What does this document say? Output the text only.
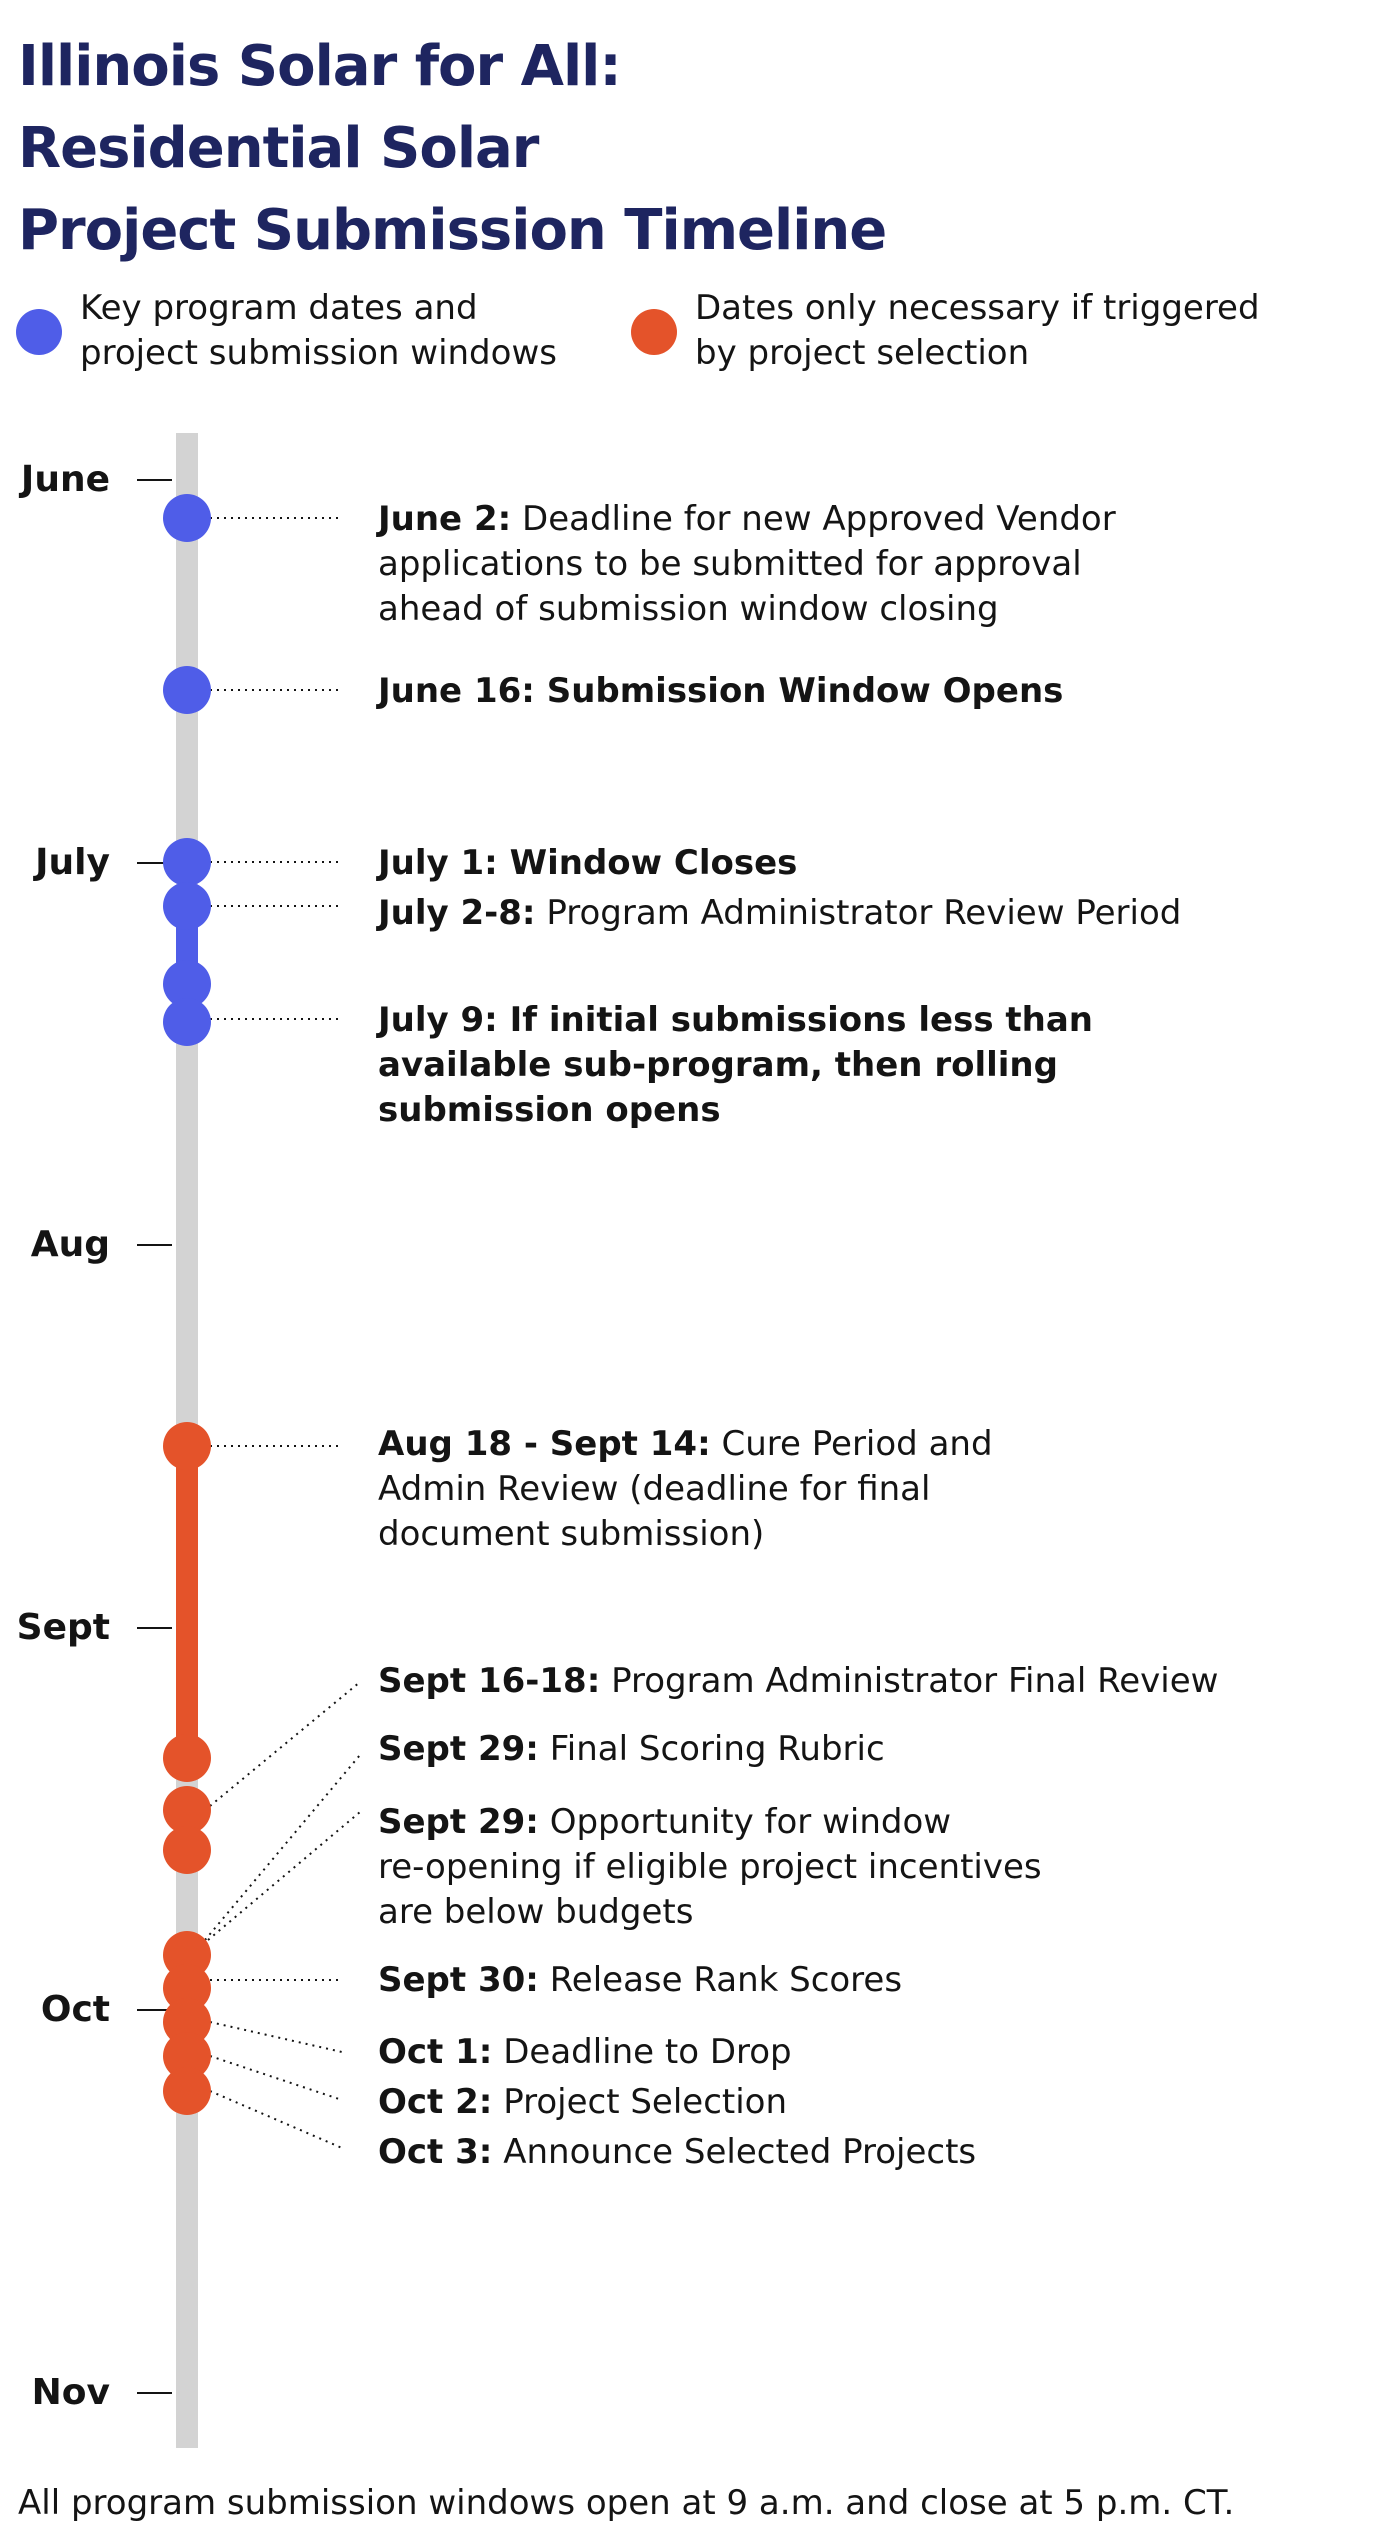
Illinois Solar for All:
Residential Solar
Project Submission Timeline
Key program dates and
project submission windows
Dates only necessary if triggered
by project selection
June
July
Aug
Sept
Oct
Nov
June 2: Deadline for new Approved Vendor
applications to be submitted for approval
ahead of submission window closing
June 16: Submission Window Opens
July 1: Window Closes
July 2-8: Program Administrator Review Period
July 9: If initial submissions less than
available sub-program, then rolling
submission opens
Aug 18 - Sept 14: Cure Period and
Admin Review (deadline for final
document submission)
Sept 16-18: Program Administrator Final Review
Sept 29: Final Scoring Rubric
Sept 29: Opportunity for window
re-opening if eligible project incentives
are below budgets
Sept 30: Release Rank Scores
Oct 1: Deadline to Drop
Oct 2: Project Selection
Oct 3: Announce Selected Projects
All program submission windows open at 9 a.m. and close at 5 p.m. CT.
